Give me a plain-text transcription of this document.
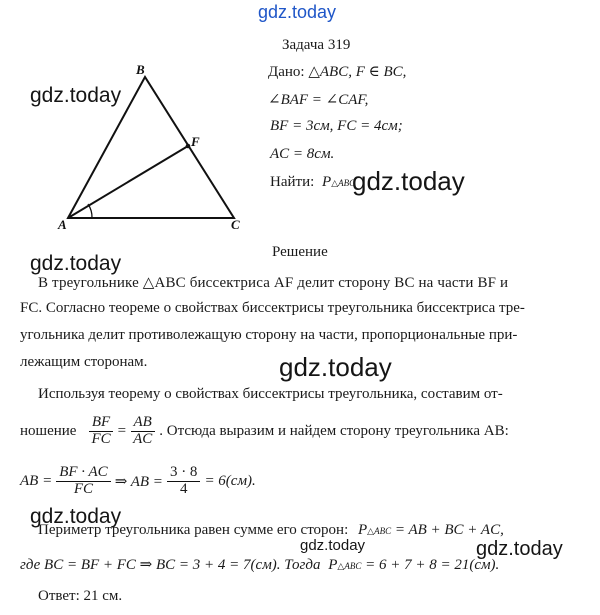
gdz.today
gdz.today
gdz.today
gdz.today
gdz.today
gdz.today
gdz.today	gdz.today
B
F
A	C
Задача 319
Дано: △ABC, F ∈ BC,
∠BAF = ∠CAF,
BF = 3см, FC = 4см;
AC = 8см.
Найти: P△ABC
Решение
В треугольнике △ABC биссектриса AF делит сторону BC на части BF и
FC. Согласно теореме о свойствах биссектрисы треугольника биссектриса тре-
угольника делит противолежащую сторону на части, пропорциональные при-
лежащим сторонам.
Используя теорему о свойствах биссектрисы треугольника, составим от-
ношение $\frac{BF}{FC} = \frac{AB}{AC}$ . Отсюда выразим и найдем сторону треугольника AB:
AB = $\frac{BF \cdot AC}{FC}$ ⇒ AB = $\frac{3 \cdot 8}{4} = 6(см)$.
Периметр треугольника равен сумме его сторон: P△ABC = AB + BC + AC,
где BC = BF + FC ⇒ BC = 3 + 4 = 7(см). Тогда P△ABC = 6 + 7 + 8 = 21(см).
Ответ: 21 см.
